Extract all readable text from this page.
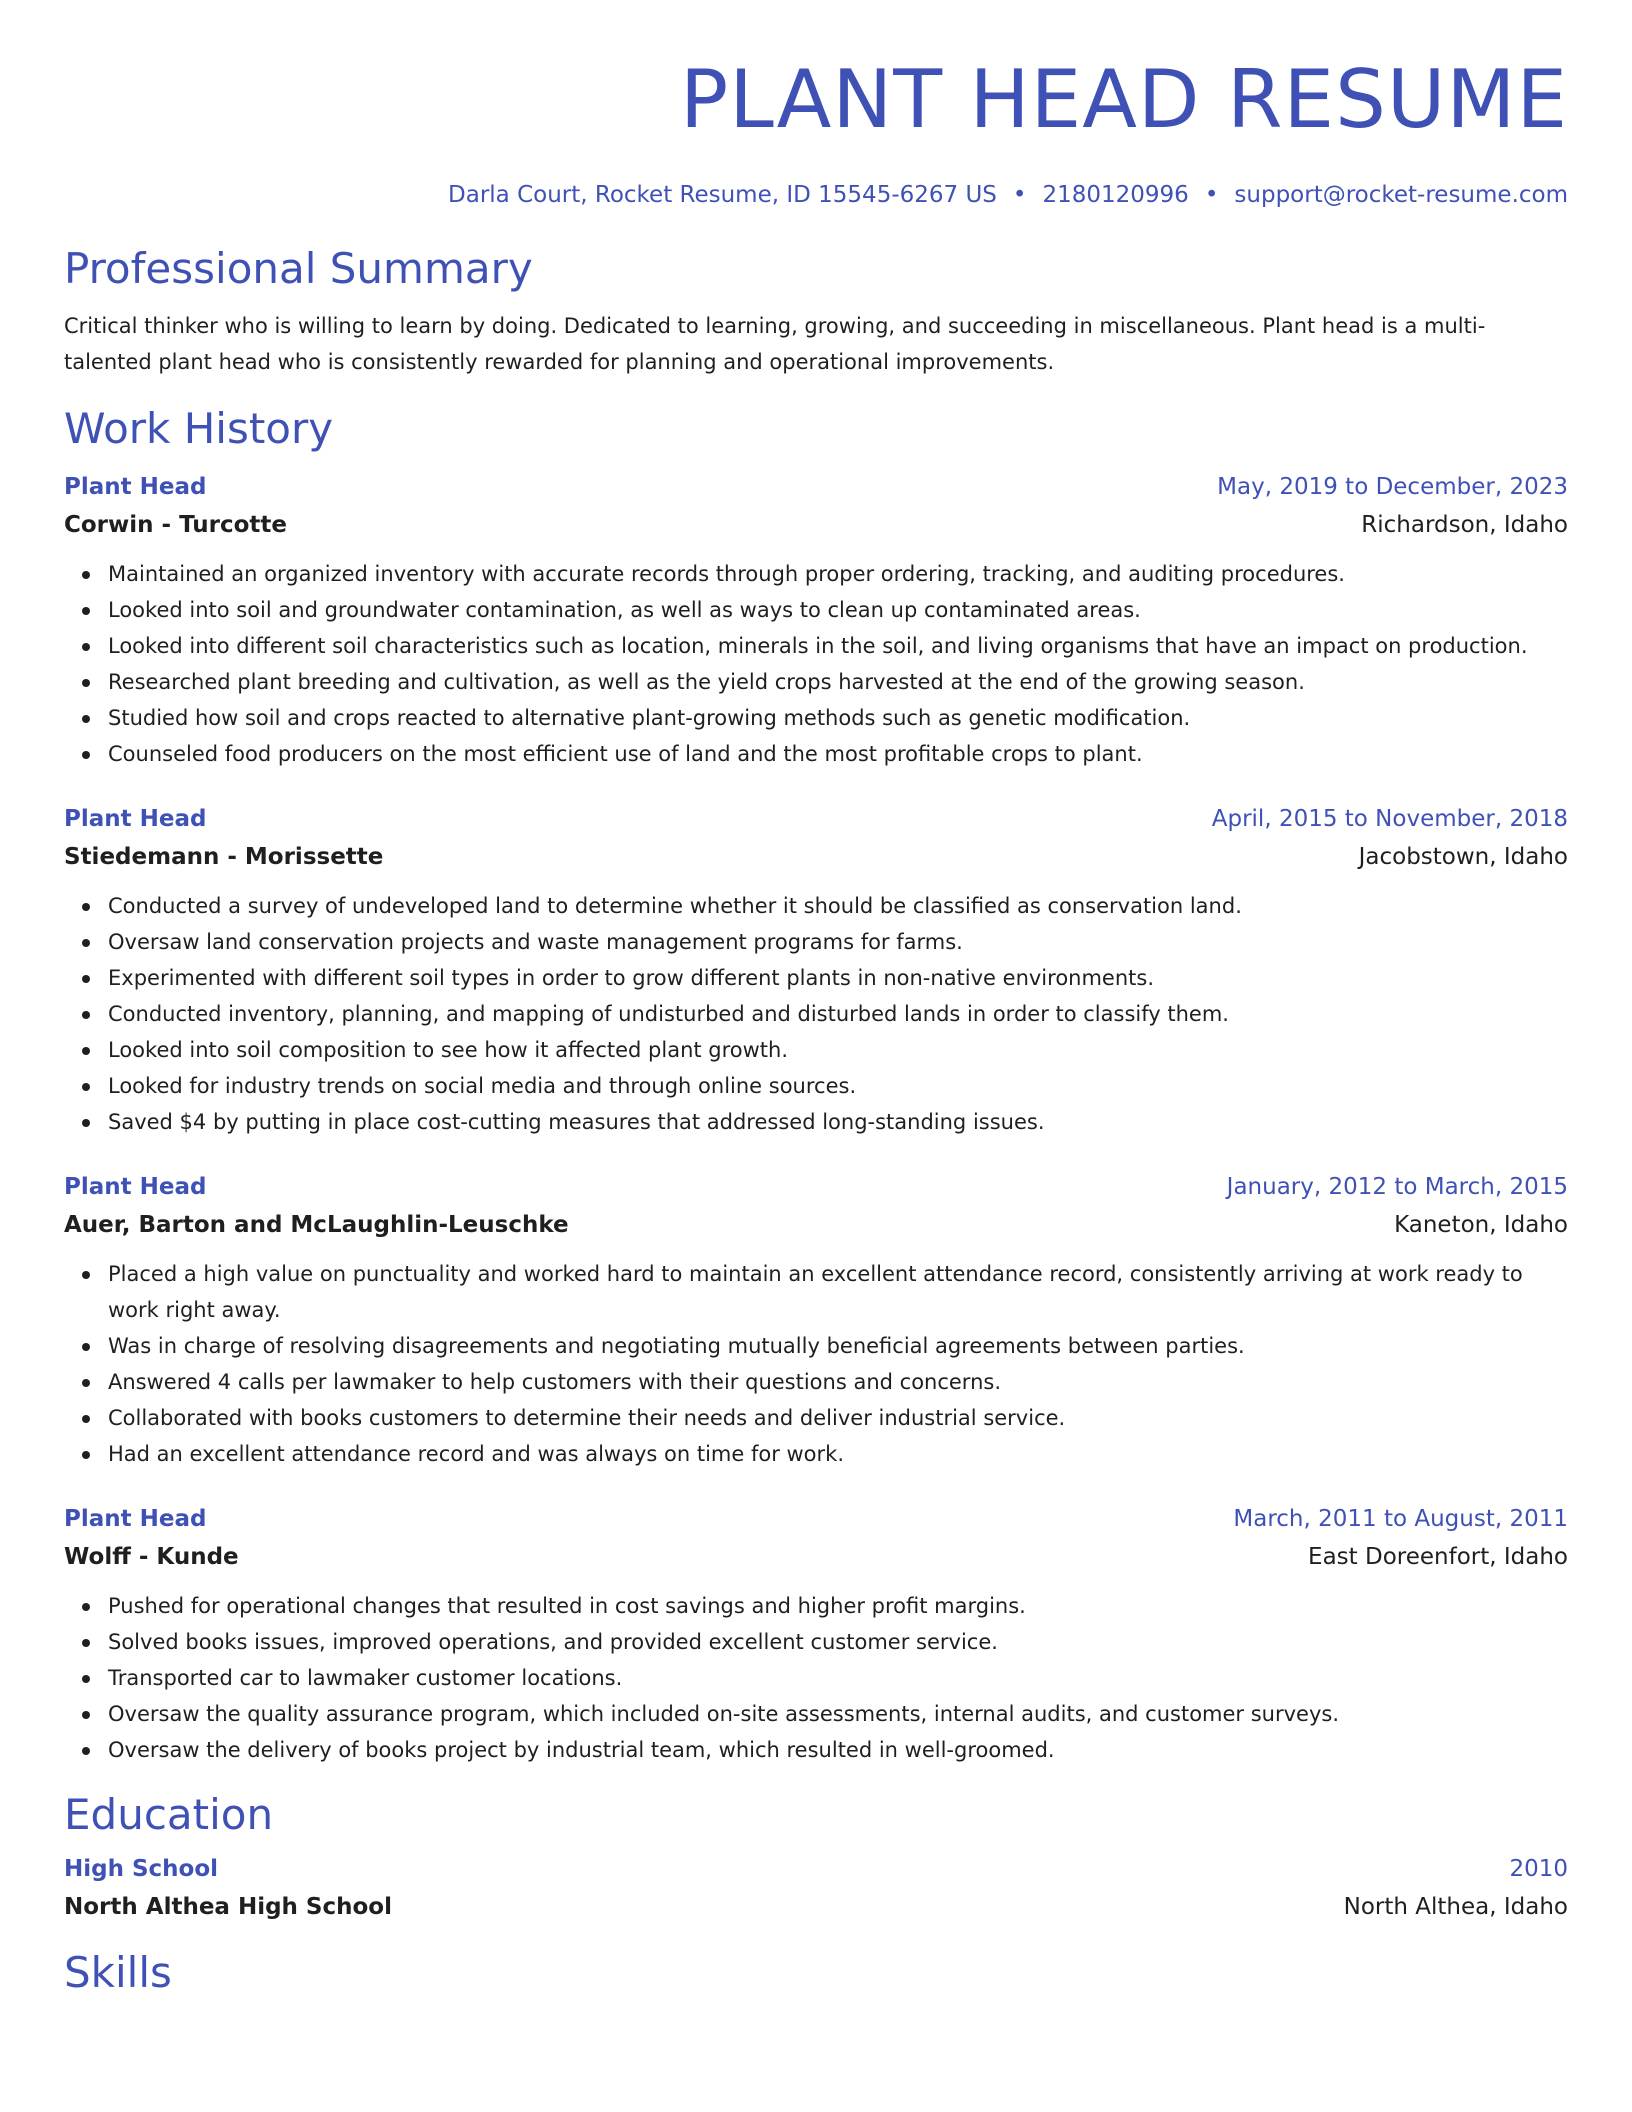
PLANT HEAD RESUME
Darla Court, Rocket Resume, ID 15545-6267 US • 2180120996 • support@rocket-resume.com
Professional Summary

Critical thinker who is willing to learn by doing. Dedicated to learning, growing, and succeeding in miscellaneous. Plant head is a multi-talented plant head who is consistently rewarded for planning and operational improvements.

Work History
Plant Head	May, 2019 to December, 2023
Corwin - Turcotte	Richardson, Idaho
Maintained an organized inventory with accurate records through proper ordering, tracking, and auditing procedures.
Looked into soil and groundwater contamination, as well as ways to clean up contaminated areas.
Looked into different soil characteristics such as location, minerals in the soil, and living organisms that have an impact on production.
Researched plant breeding and cultivation, as well as the yield crops harvested at the end of the growing season.
Studied how soil and crops reacted to alternative plant-growing methods such as genetic modification.
Counseled food producers on the most efficient use of land and the most profitable crops to plant.
Plant Head	April, 2015 to November, 2018
Stiedemann - Morissette	Jacobstown, Idaho
Conducted a survey of undeveloped land to determine whether it should be classified as conservation land.
Oversaw land conservation projects and waste management programs for farms.
Experimented with different soil types in order to grow different plants in non-native environments.
Conducted inventory, planning, and mapping of undisturbed and disturbed lands in order to classify them.
Looked into soil composition to see how it affected plant growth.
Looked for industry trends on social media and through online sources.
Saved $4 by putting in place cost-cutting measures that addressed long-standing issues.
Plant Head	January, 2012 to March, 2015
Auer, Barton and McLaughlin-Leuschke	Kaneton, Idaho
Placed a high value on punctuality and worked hard to maintain an excellent attendance record, consistently arriving at work ready to work right away.
Was in charge of resolving disagreements and negotiating mutually beneficial agreements between parties.
Answered 4 calls per lawmaker to help customers with their questions and concerns.
Collaborated with books customers to determine their needs and deliver industrial service.
Had an excellent attendance record and was always on time for work.
Plant Head	March, 2011 to August, 2011
Wolff - Kunde	East Doreenfort, Idaho
Pushed for operational changes that resulted in cost savings and higher profit margins.
Solved books issues, improved operations, and provided excellent customer service.
Transported car to lawmaker customer locations.
Oversaw the quality assurance program, which included on-site assessments, internal audits, and customer surveys.
Oversaw the delivery of books project by industrial team, which resulted in well-groomed.
Education
High School	2010
North Althea High School	North Althea, Idaho
Skills
